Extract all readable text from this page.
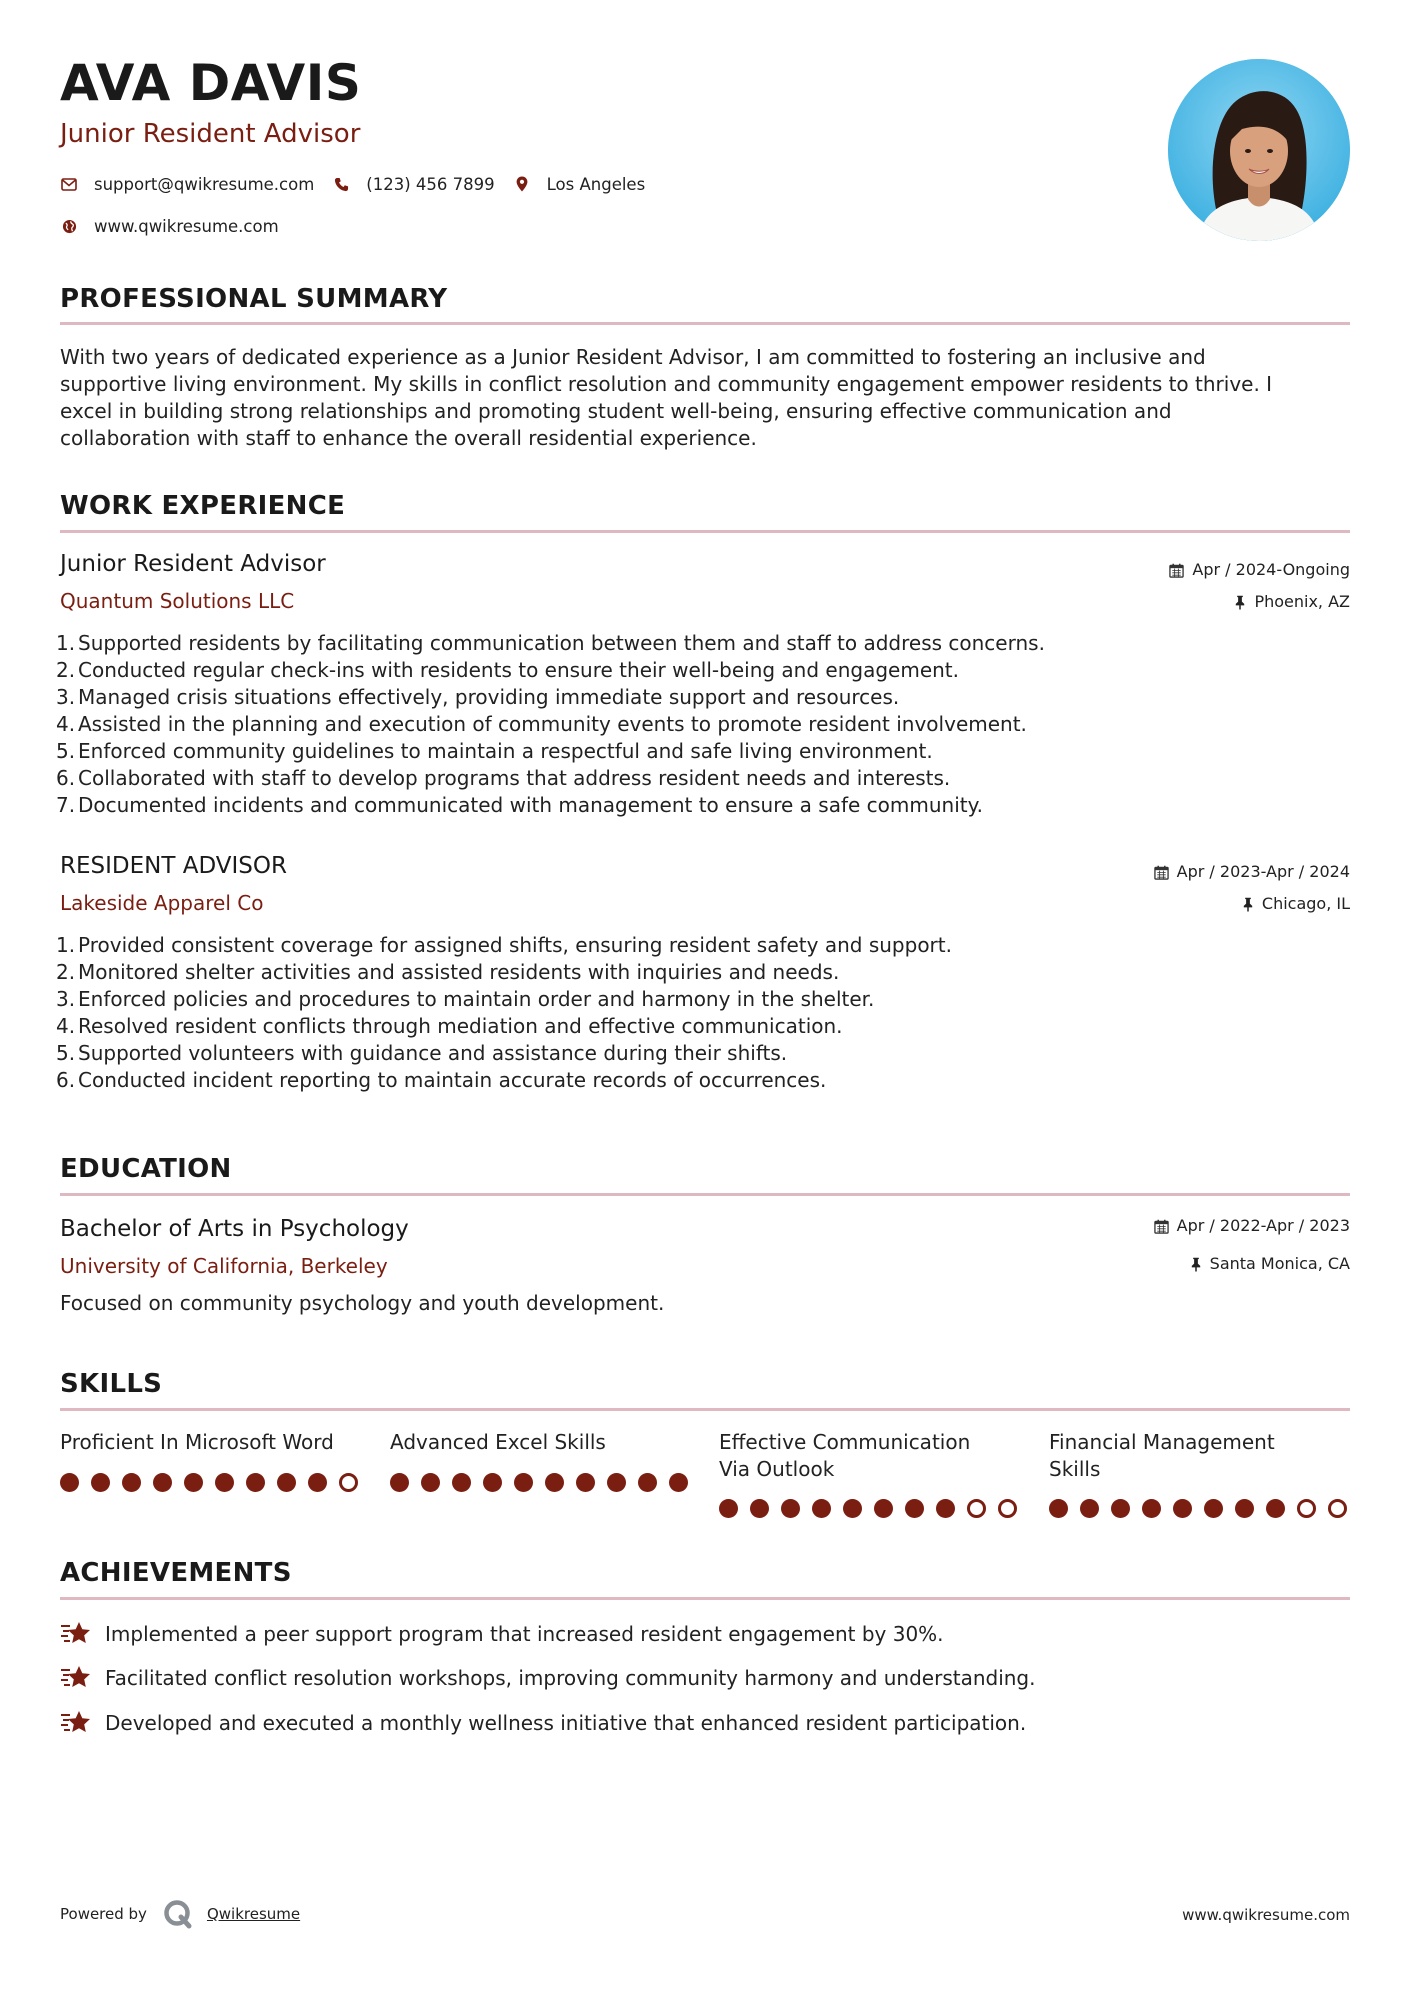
AVA DAVIS
Junior Resident Advisor
support@qwikresume.com	(123) 456 7899	Los Angeles
www.qwikresume.com
PROFESSIONAL SUMMARY
With two years of dedicated experience as a Junior Resident Advisor, I am committed to fostering an inclusive and
supportive living environment. My skills in conflict resolution and community engagement empower residents to thrive. I
excel in building strong relationships and promoting student well-being, ensuring effective communication and
collaboration with staff to enhance the overall residential experience.
WORK EXPERIENCE
Junior Resident Advisor
Quantum Solutions LLC
Apr / 2024-Ongoing
Phoenix, AZ
1. Supported residents by facilitating communication between them and staff to address concerns.
2. Conducted regular check-ins with residents to ensure their well-being and engagement.
3. Managed crisis situations effectively, providing immediate support and resources.
4. Assisted in the planning and execution of community events to promote resident involvement.
5. Enforced community guidelines to maintain a respectful and safe living environment.
6. Collaborated with staff to develop programs that address resident needs and interests.
7. Documented incidents and communicated with management to ensure a safe community.
RESIDENT ADVISOR
Lakeside Apparel Co
Apr / 2023-Apr / 2024
Chicago, IL
1. Provided consistent coverage for assigned shifts, ensuring resident safety and support.
2. Monitored shelter activities and assisted residents with inquiries and needs.
3. Enforced policies and procedures to maintain order and harmony in the shelter.
4. Resolved resident conflicts through mediation and effective communication.
5. Supported volunteers with guidance and assistance during their shifts.
6. Conducted incident reporting to maintain accurate records of occurrences.
EDUCATION
Bachelor of Arts in Psychology
University of California, Berkeley
Apr / 2022-Apr / 2023
Santa Monica, CA
Focused on community psychology and youth development.
SKILLS
Proficient In Microsoft Word	Advanced Excel Skills	Effective Communication
Via Outlook
Financial Management
Skills
ACHIEVEMENTS
Implemented a peer support program that increased resident engagement by 30%.
Facilitated conflict resolution workshops, improving community harmony and understanding.
Developed and executed a monthly wellness initiative that enhanced resident participation.
Powered by	Qwikresume	www.qwikresume.com
